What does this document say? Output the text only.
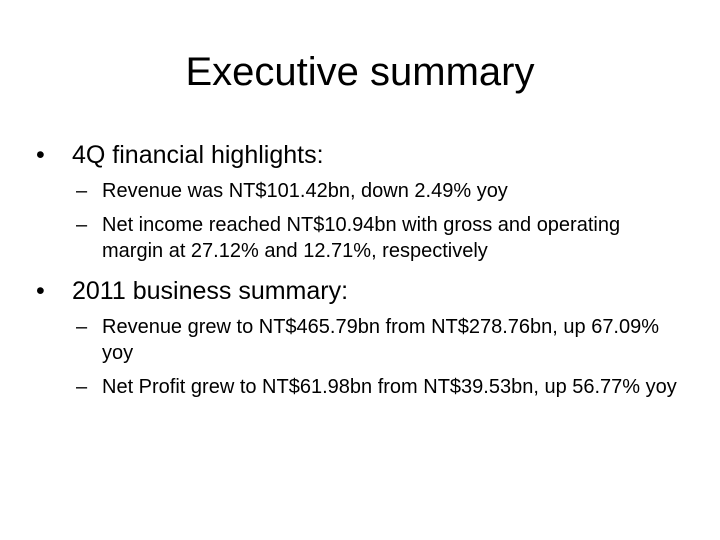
Executive summary
•	4Q financial highlights:
– Revenue was NT$101.42bn, down 2.49% yoy
– Net income reached NT$10.94bn with gross and operating margin at 27.12% and 12.71%, respectively
•	2011 business summary:
– Revenue grew to NT$465.79bn from NT$278.76bn, up 67.09% yoy
– Net Profit grew to NT$61.98bn from NT$39.53bn, up 56.77% yoy
